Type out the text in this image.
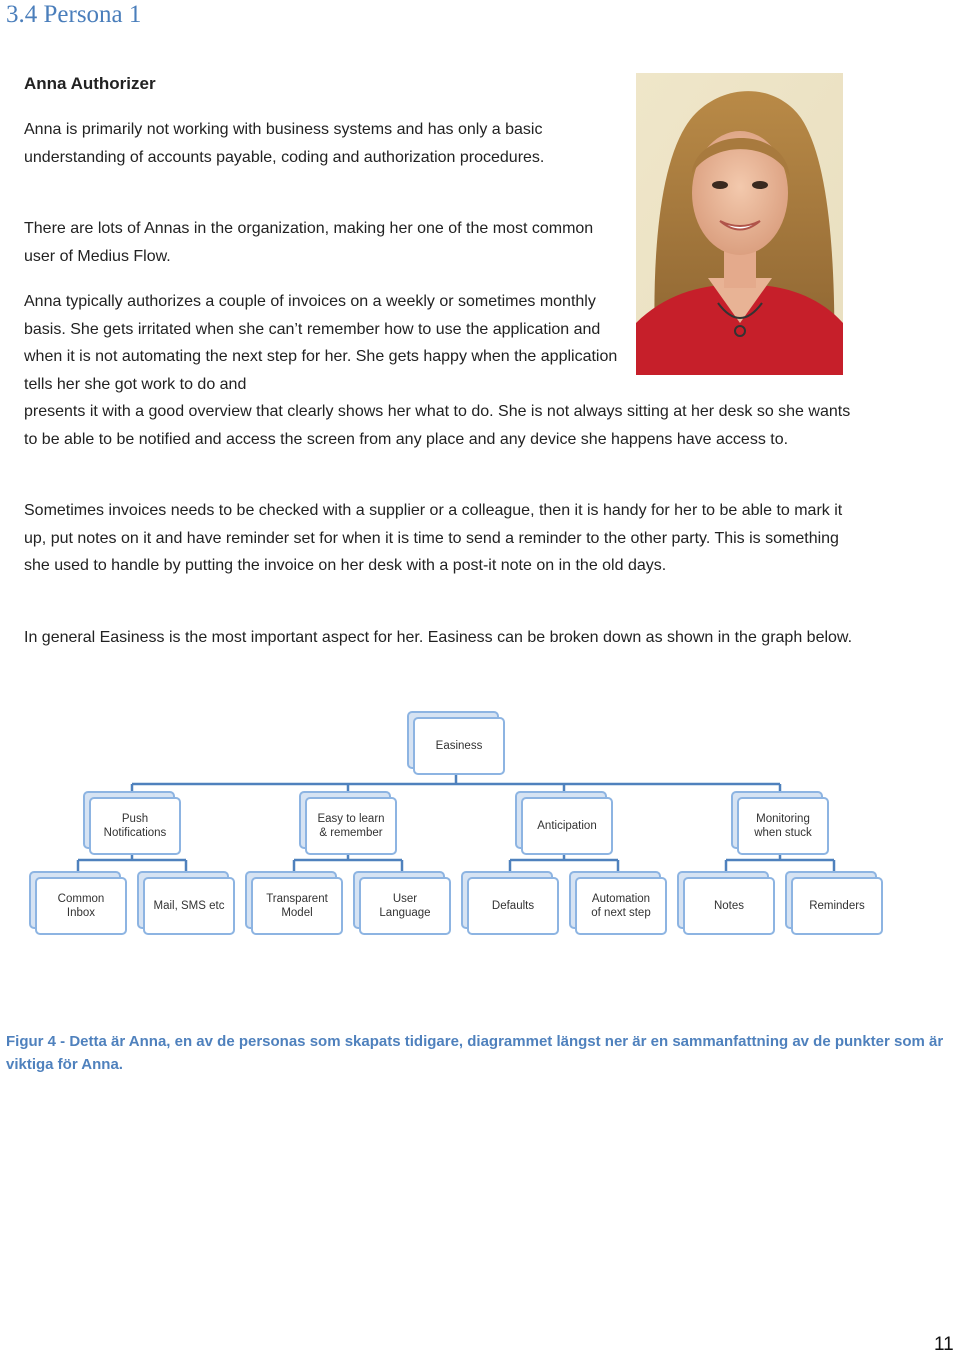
3.4 Persona 1
Anna Authorizer

Anna is primarily not working with business systems and has only a basic understanding of accounts payable, coding and authorization procedures.

There are lots of Annas in the organization, making her one of the most common user of Medius Flow.

Anna typically authorizes a couple of invoices on a weekly or sometimes monthly basis. She gets irritated when she can’t remember how to use the application and when it is not automating the next step for her. She gets happy when the application tells her she got work to do and

presents it with a good overview that clearly shows her what to do. She is not always sitting at her desk so she wants to be able to be notified and access the screen from any place and any device she happens have access to.

Sometimes invoices needs to be checked with a supplier or a colleague, then it is handy for her to be able to mark it up, put notes on it and have reminder set for when it is time to send a reminder to the other party. This is something she used to handle by putting the invoice on her desk with a post-it note on in the old days.

In general Easiness is the most important aspect for her. Easiness can be broken down as shown in the graph below.

Easiness
Push
Notifications
Common
Inbox
Mail, SMS etc
Easy to learn
& remember
Transparent
Model
User
Language
Anticipation
Defaults
Automation
of next step
Monitoring
when stuck
Notes	Reminders

Figur 4 - Detta är Anna, en av de personas som skapats tidigare, diagrammet längst ner är en sammanfattning av de punkter som är viktiga för Anna.

11
